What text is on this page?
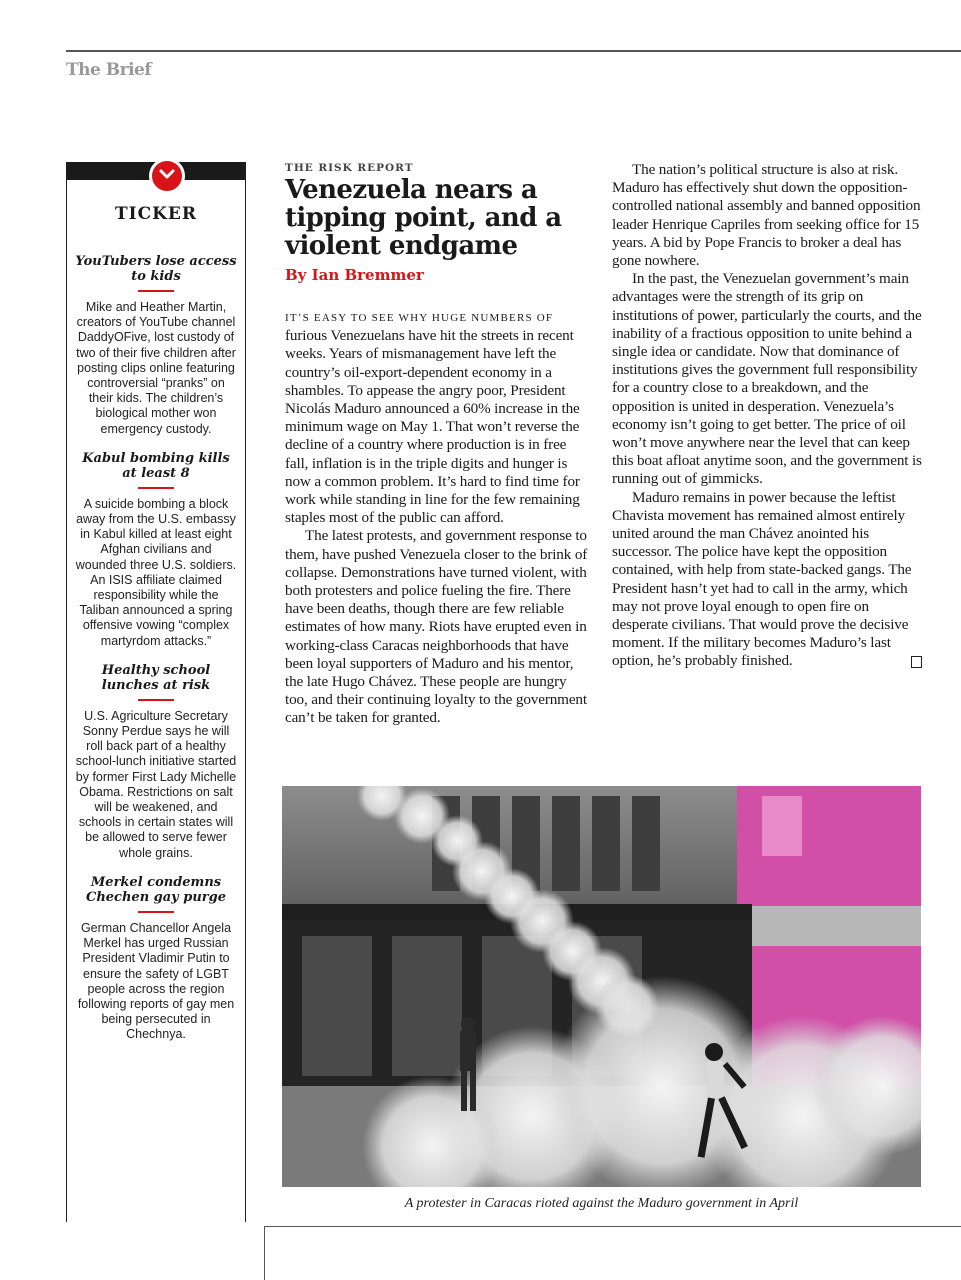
The Brief
TICKER
YouTubers lose access to kids
Mike and Heather Martin, creators of YouTube channel DaddyOFive, lost custody of two of their five children after posting clips online featuring controversial “pranks” on their kids. The children’s biological mother won emergency custody.
Kabul bombing kills at least 8
A suicide bombing a block away from the U.S. embassy in Kabul killed at least eight Afghan civilians and wounded three U.S. soldiers. An ISIS affiliate claimed responsibility while the Taliban announced a spring offensive vowing “complex martyrdom attacks.”
Healthy school lunches at risk
U.S. Agriculture Secretary Sonny Perdue says he will roll back part of a healthy school-lunch initiative started by former First Lady Michelle Obama. Restrictions on salt will be weakened, and schools in certain states will be allowed to serve fewer whole grains.
Merkel condemns Chechen gay purge
German Chancellor Angela Merkel has urged Russian President Vladimir Putin to ensure the safety of LGBT people across the region following reports of gay men being persecuted in Chechnya.
THE RISK REPORT
Venezuela nears a tipping point, and a violent endgame
By Ian Bremmer

IT’S EASY TO SEE WHY HUGE NUMBERS OF
furious Venezuelans have hit the streets in recent weeks. Years of mismanagement have left the country’s oil-export-dependent economy in a shambles. To appease the angry poor, President Nicolás Maduro announced a 60% increase in the minimum wage on May 1. That won’t reverse the decline of a country where production is in free fall, inflation is in the triple digits and hunger is now a common problem. It’s hard to find time for work while standing in line for the few remaining staples most of the public can afford.

The latest protests, and government response to them, have pushed Venezuela closer to the brink of collapse. Demonstrations have turned violent, with both protesters and police fueling the fire. There have been deaths, though there are few reliable estimates of how many. Riots have erupted even in working-class Caracas neighborhoods that have been loyal supporters of Maduro and his mentor, the late Hugo Chávez. These people are hungry too, and their continuing loyalty to the government can’t be taken for granted.

The nation’s political structure is also at risk. Maduro has effectively shut down the opposition-controlled national assembly and banned opposition leader Henrique Capriles from seeking office for 15 years. A bid by Pope Francis to broker a deal has gone nowhere.

In the past, the Venezuelan government’s main advantages were the strength of its grip on institutions of power, particularly the courts, and the inability of a fractious opposition to unite behind a single idea or candidate. Now that dominance of institutions gives the government full responsibility for a country close to a breakdown, and the opposition is united in desperation. Venezuela’s economy isn’t going to get better. The price of oil won’t move anywhere near the level that can keep this boat afloat anytime soon, and the government is running out of gimmicks.

Maduro remains in power because the leftist Chavista movement has remained almost entirely united around the man Chávez anointed his successor. The police have kept the opposition contained, with help from state-backed gangs. The President hasn’t yet had to call in the army, which may not prove loyal enough to open fire on desperate civilians. That would prove the decisive moment. If the military becomes Maduro’s last option, he’s probably finished.

A protester in Caracas rioted against the Maduro government in April
